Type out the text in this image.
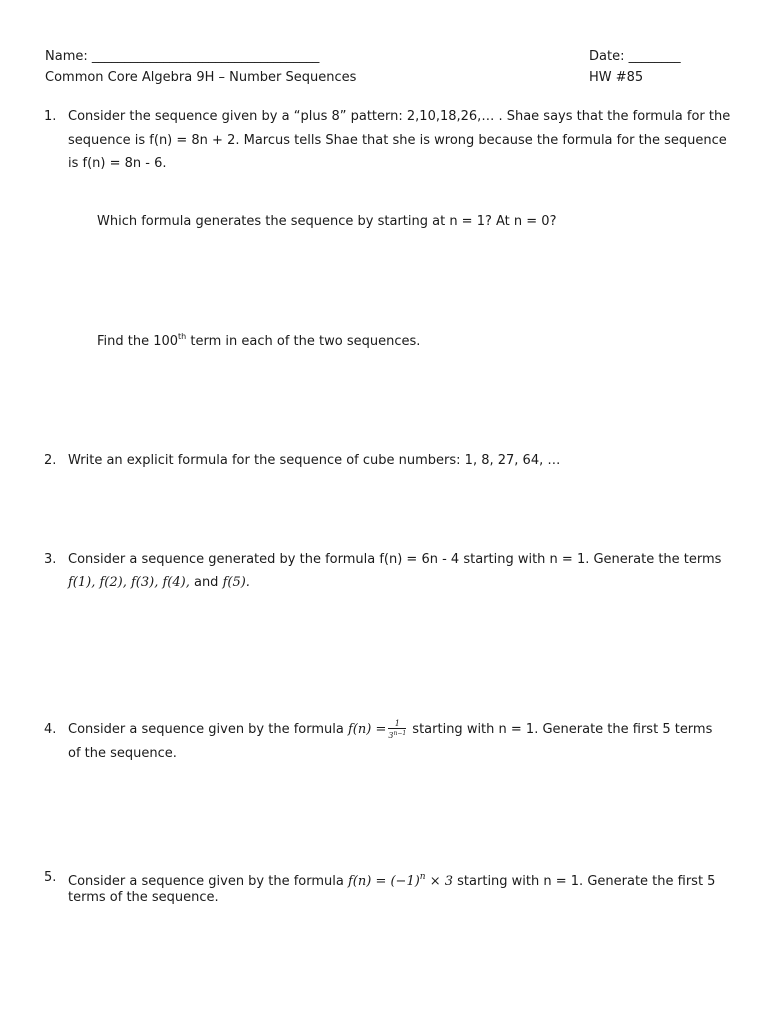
Name: ___________________________________
Common Core Algebra 9H – Number Sequences
Date: ________
HW #85
1. Consider the sequence given by a “plus 8” pattern: 2,10,18,26,… . Shae says that the formula for the
sequence is f(n) = 8n + 2. Marcus tells Shae that she is wrong because the formula for the sequence
is f(n) = 8n - 6.
Which formula generates the sequence by starting at n = 1? At n = 0?
Find the 100th term in each of the two sequences.
2. Write an explicit formula for the sequence of cube numbers: 1, 8, 27, 64, …
3. Consider a sequence generated by the formula f(n) = 6n - 4 starting with n = 1. Generate the terms
f(1), f(2), f(3), f(4), and f(5).
4. Consider a sequence given by the formula $f(n) = \frac{1}{3^{n-1}}$ starting with n = 1. Generate the first 5 terms
of the sequence.
5. Consider a sequence given by the formula $f(n) = (-1)^n \times 3$ starting with n = 1. Generate the first 5
terms of the sequence.
